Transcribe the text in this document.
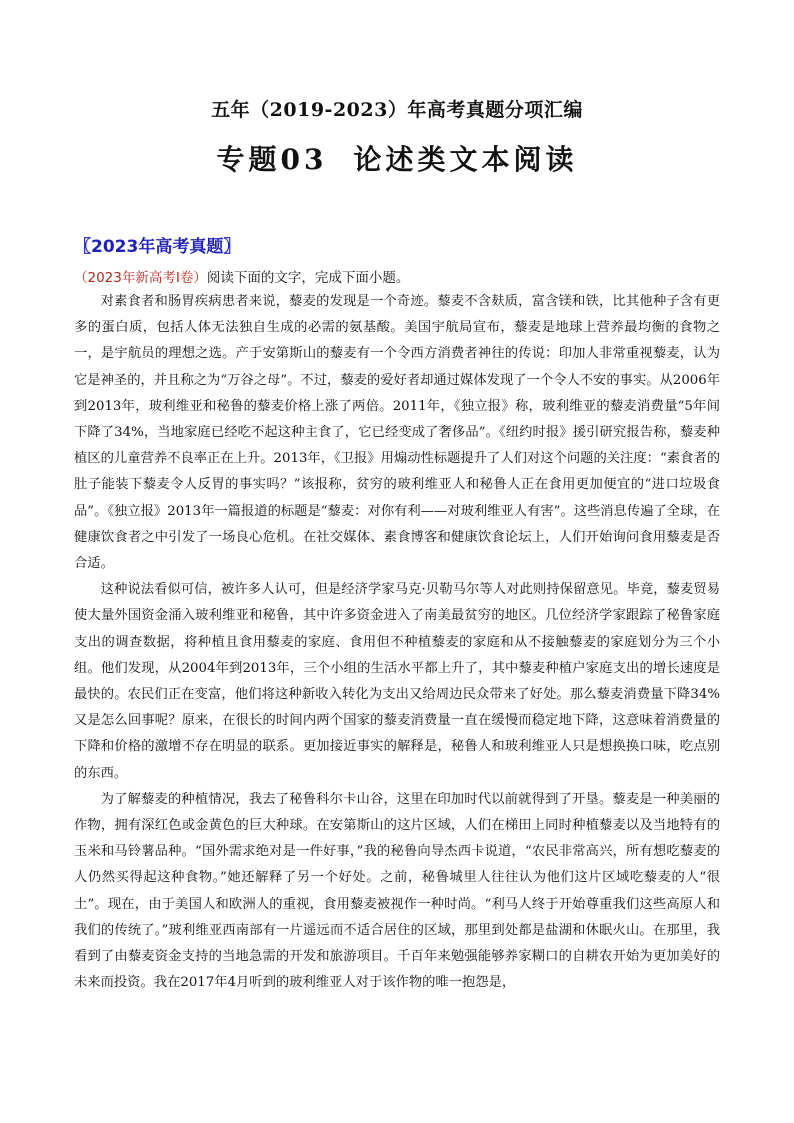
五年（2019-2023）年高考真题分项汇编
专题03 论述类文本阅读
〖2023年高考真题〗
（2023年新高考Ⅰ卷）阅读下面的文字，完成下面小题。

对素食者和肠胃疾病患者来说，藜麦的发现是一个奇迹。藜麦不含麸质，富含镁和铁，比其他种子含有更多的蛋白质，包括人体无法独自生成的必需的氨基酸。美国宇航局宣布，藜麦是地球上营养最均衡的食物之一，是宇航员的理想之选。产于安第斯山的藜麦有一个令西方消费者神往的传说：印加人非常重视藜麦，认为它是神圣的，并且称之为“万谷之母”。不过，藜麦的爱好者却通过媒体发现了一个令人不安的事实。从2006年到2013年，玻利维亚和秘鲁的藜麦价格上涨了两倍。2011年，《独立报》称，玻利维亚的藜麦消费量“5年间下降了34%，当地家庭已经吃不起这种主食了，它已经变成了奢侈品”。《纽约时报》援引研究报告称，藜麦种植区的儿童营养不良率正在上升。2013年，《卫报》用煽动性标题提升了人们对这个问题的关注度：“素食者的肚子能装下藜麦令人反胃的事实吗？”该报称，贫穷的玻利维亚人和秘鲁人正在食用更加便宜的“进口垃圾食品”。《独立报》2013年一篇报道的标题是“藜麦：对你有利——对玻利维亚人有害”。这些消息传遍了全球，在健康饮食者之中引发了一场良心危机。在社交媒体、素食博客和健康饮食论坛上，人们开始询问食用藜麦是否合适。

这种说法看似可信，被许多人认可，但是经济学家马克·贝勒马尔等人对此则持保留意见。毕竟，藜麦贸易使大量外国资金涌入玻利维亚和秘鲁，其中许多资金进入了南美最贫穷的地区。几位经济学家跟踪了秘鲁家庭支出的调查数据，将种植且食用藜麦的家庭、食用但不种植藜麦的家庭和从不接触藜麦的家庭划分为三个小组。他们发现，从2004年到2013年，三个小组的生活水平都上升了，其中藜麦种植户家庭支出的增长速度是最快的。农民们正在变富，他们将这种新收入转化为支出又给周边民众带来了好处。那么藜麦消费量下降34%又是怎么回事呢？原来，在很长的时间内两个国家的藜麦消费量一直在缓慢而稳定地下降，这意味着消费量的下降和价格的激增不存在明显的联系。更加接近事实的解释是，秘鲁人和玻利维亚人只是想换换口味，吃点别的东西。

为了解藜麦的种植情况，我去了秘鲁科尔卡山谷，这里在印加时代以前就得到了开垦。藜麦是一种美丽的作物，拥有深红色或金黄色的巨大种球。在安第斯山的这片区域，人们在梯田上同时种植藜麦以及当地特有的玉米和马铃薯品种。“国外需求绝对是一件好事，”我的秘鲁向导杰西卡说道，“农民非常高兴，所有想吃藜麦的人仍然买得起这种食物。”她还解释了另一个好处。之前，秘鲁城里人往往认为他们这片区域吃藜麦的人“很土”。现在，由于美国人和欧洲人的重视，食用藜麦被视作一种时尚。“利马人终于开始尊重我们这些高原人和我们的传统了。”玻利维亚西南部有一片遥远而不适合居住的区域，那里到处都是盐湖和休眠火山。在那里，我看到了由藜麦资金支持的当地急需的开发和旅游项目。千百年来勉强能够养家糊口的自耕农开始为更加美好的未来而投资。我在2017年4月听到的玻利维亚人对于该作物的唯一抱怨是，
